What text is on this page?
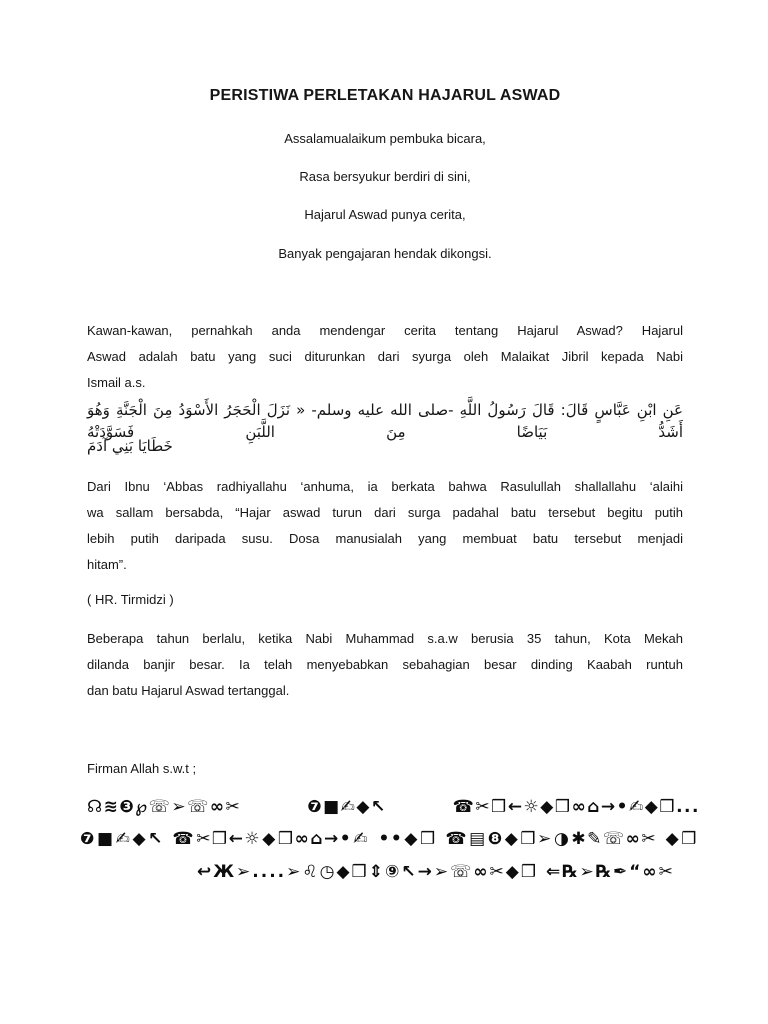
PERISTIWA PERLETAKAN HAJARUL ASWAD
Assalamualaikum pembuka bicara,
Rasa bersyukur berdiri di sini,
Hajarul Aswad punya cerita,
Banyak pengajaran hendak dikongsi.
Kawan-kawan, pernahkah anda mendengar cerita tentang Hajarul Aswad? Hajarul
Aswad adalah batu yang suci diturunkan dari syurga oleh Malaikat Jibril kepada Nabi
Ismail a.s.
عَنِ ابْنِ عَبَّاسٍ قَالَ: قَالَ رَسُولُ اللَّهِ -صلى الله عليه وسلم- « نَزَلَ الْحَجَرُ الأَسْوَدُ مِنَ الْجَنَّةِ وَهُوَ أَشَدُّ بَيَاضًا مِنَ اللَّبَنِ فَسَوَّدَتْهُ
خَطَايَا بَنِي آدَمَ
Dari Ibnu ‘Abbas radhiyallahu ‘anhuma, ia berkata bahwa Rasulullah shallallahu ‘alaihi
wa sallam bersabda, “Hajar aswad turun dari surga padahal batu tersebut begitu putih
lebih putih daripada susu. Dosa manusialah yang membuat batu tersebut menjadi
hitam”.
( HR. Tirmidzi )
Beberapa tahun berlalu, ketika Nabi Muhammad s.a.w berusia 35 tahun, Kota Mekah
dilanda banjir besar. Ia telah menyebabkan sebahagian besar dinding Kaabah runtuh
dan batu Hajarul Aswad tertanggal.
Firman Allah s.w.t ;
☊≋❸℘☏➢☏∞✂	❼■✍◆↖	☎✂❒←☼◆❒∞⌂→•✍◆❒...
❼■✍◆↖ ☎✂❒←☼◆❒∞⌂→•✍ ••◆❒ ☎▤❽◆❒➢◑✱✎☏∞✂ ◆❒
↩Ж➢....➢♌◷◆❒⇕⑨↖→➢☏∞✂◆❒ ⇐℞➢℞✒“∞✂
